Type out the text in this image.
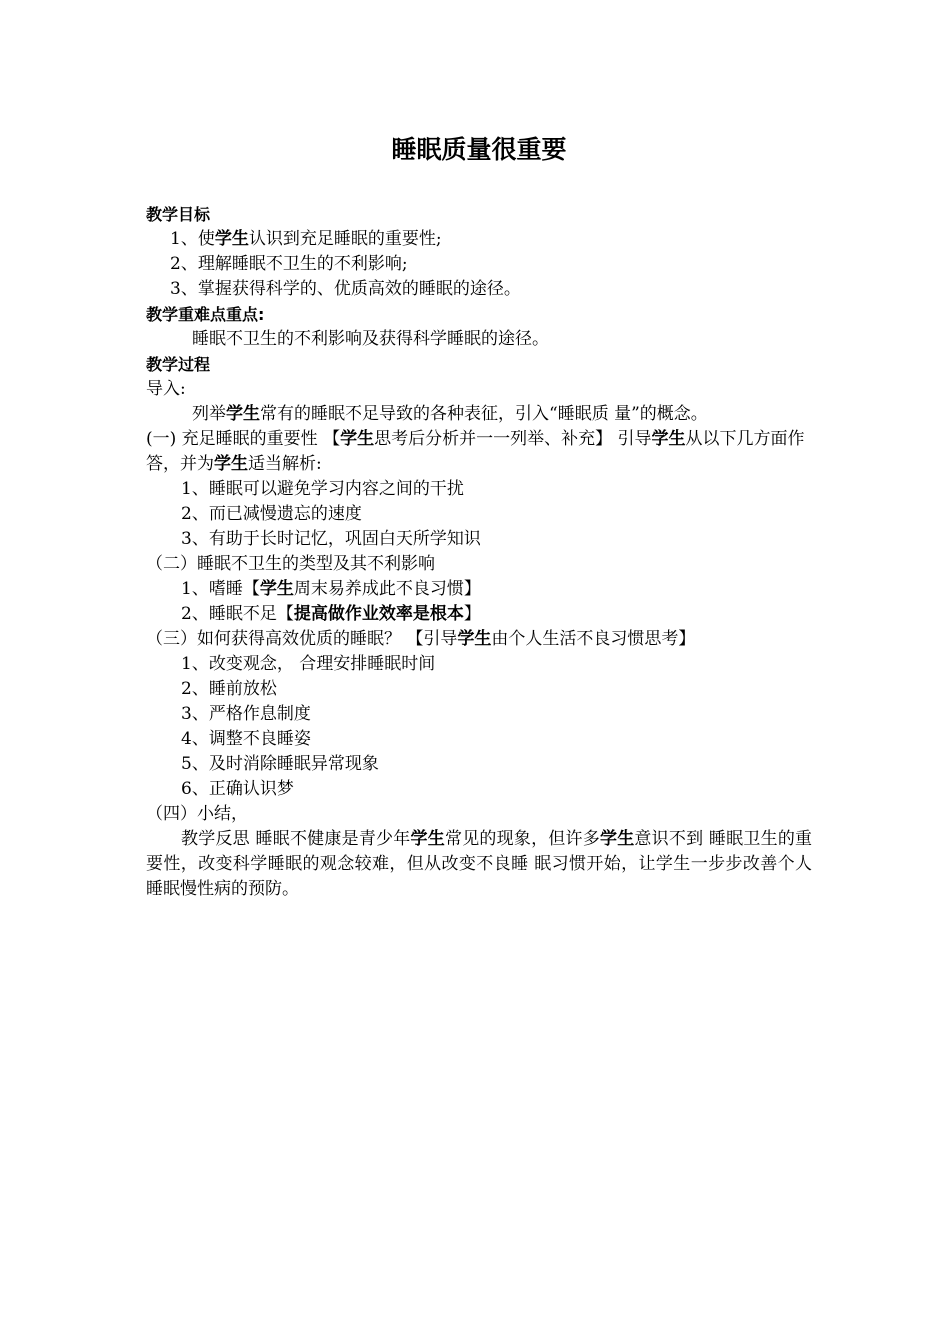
睡眠质量很重要
教学目标
1、使学生认识到充足睡眠的重要性;
2、理解睡眠不卫生的不利影响;
3、掌握获得科学的、优质高效的睡眠的途径。
教学重难点重点:
睡眠不卫生的不利影响及获得科学睡眠的途径。
教学过程
导入:
列举学生常有的睡眠不足导致的各种表征，引入“睡眠质 量”的概念。
(一) 充足睡眠的重要性 【学生思考后分析并一一列举、补充】 引导学生从以下几方面作答，并为学生适当解析:
1、睡眠可以避免学习内容之间的干扰
2、而已减慢遗忘的速度
3、有助于长时记忆，巩固白天所学知识
（二）睡眠不卫生的类型及其不利影响
1、嗜睡【学生周末易养成此不良习惯】
2、睡眠不足【提高做作业效率是根本】
（三）如何获得高效优质的睡眠？ 【引导学生由个人生活不良习惯思考】
1、改变观念， 合理安排睡眠时间
2、睡前放松
3、严格作息制度
4、调整不良睡姿
5、及时消除睡眠异常现象
6、正确认识梦
（四）小结，
教学反思 睡眠不健康是青少年学生常见的现象，但许多学生意识不到 睡眠卫生的重要性，改变科学睡眠的观念较难，但从改变不良睡 眠习惯开始，让学生一步步改善个人睡眠慢性病的预防。
